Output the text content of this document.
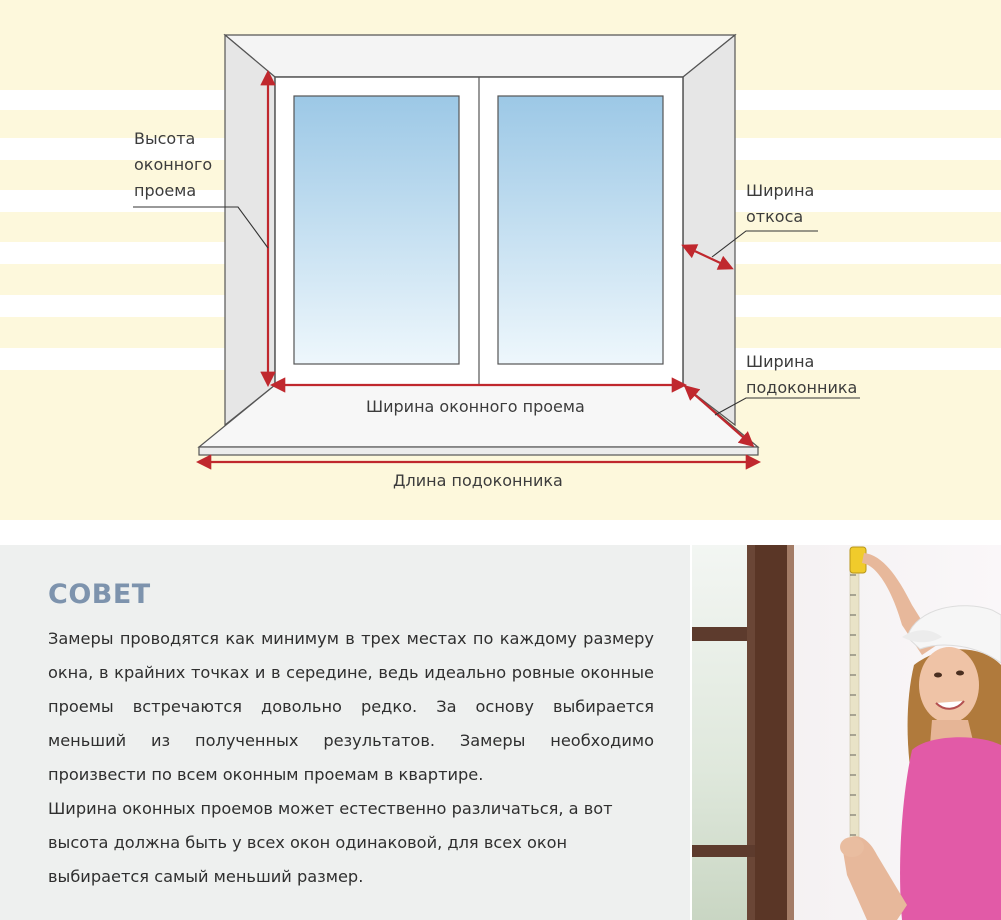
Высота
оконного
проема	Ширина
откоса
Ширина
подоконника
Ширина оконного проема
Длина подоконника
СОВЕТ

Замеры проводятся как минимум в трех местах по каждому размеру окна, в крайних точках и в середине, ведь идеально ровные оконные проемы встречаются довольно редко. За основу выбирается меньший из полученных результатов. Замеры необходимо произвести по всем оконным проемам в квартире.

Ширина оконных проемов может естественно различаться, а вот высота должна быть у всех окон одинаковой, для всех окон выбирается самый меньший размер.
